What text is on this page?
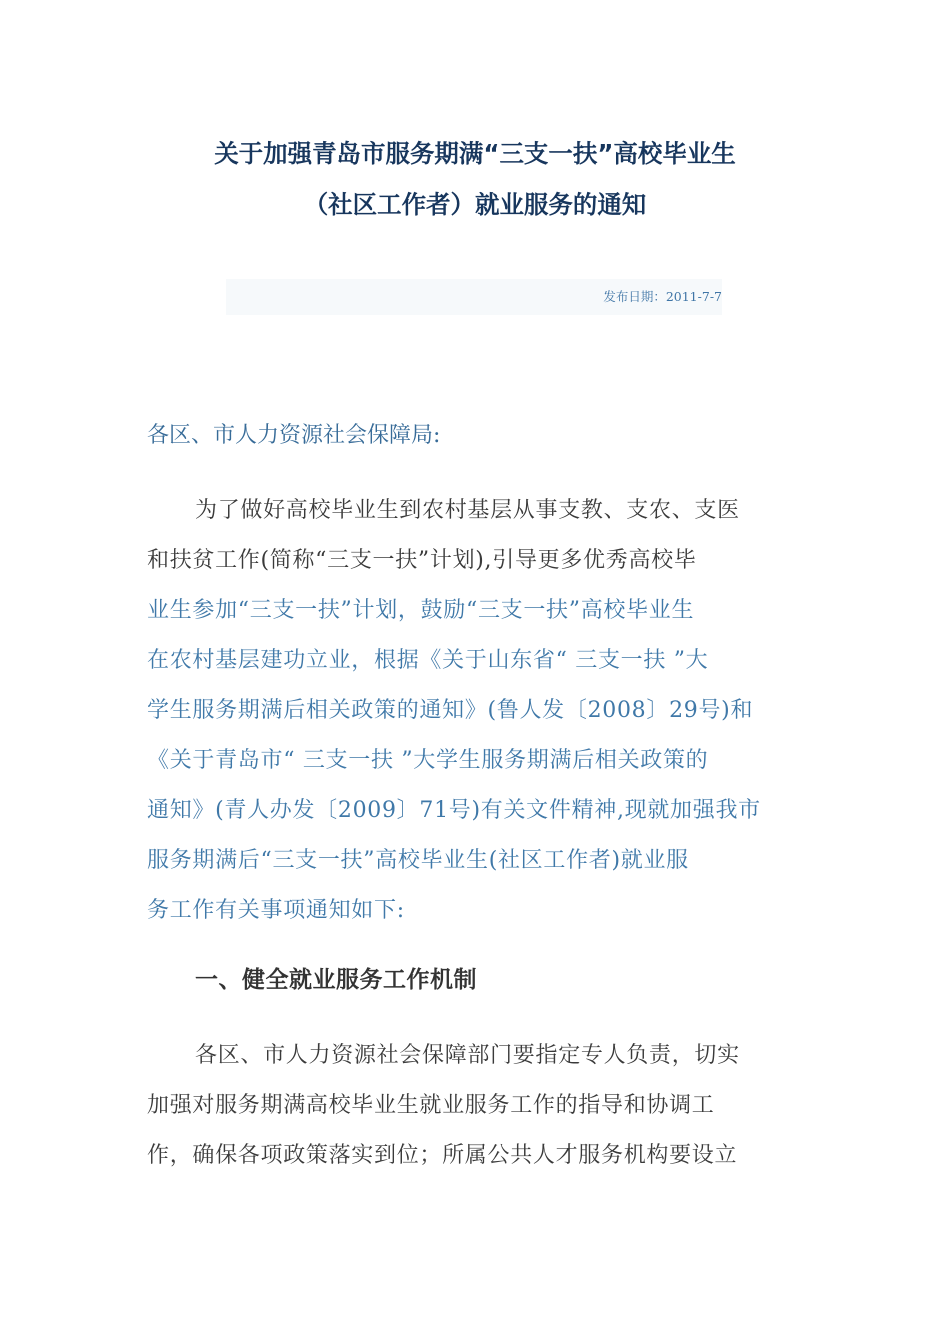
关于加强青岛市服务期满“三支一扶”高校毕业生
（社区工作者）就业服务的通知
发布日期：2011-7-7

各区、市人力资源社会保障局:

为了做好高校毕业生到农村基层从事支教、支农、支医

和扶贫工作(简称“三支一扶”计划),引导更多优秀高校毕

业生参加“三支一扶”计划，鼓励“三支一扶”高校毕业生

在农村基层建功立业，根据《关于山东省“ 三支一扶 ”大

学生服务期满后相关政策的通知》(鲁人发〔2008〕29号)和

《关于青岛市“ 三支一扶 ”大学生服务期满后相关政策的

通知》(青人办发〔2009〕71号)有关文件精神,现就加强我市

服务期满后“三支一扶”高校毕业生(社区工作者)就业服

务工作有关事项通知如下:

一、健全就业服务工作机制

各区、市人力资源社会保障部门要指定专人负责，切实

加强对服务期满高校毕业生就业服务工作的指导和协调工

作，确保各项政策落实到位；所属公共人才服务机构要设立
